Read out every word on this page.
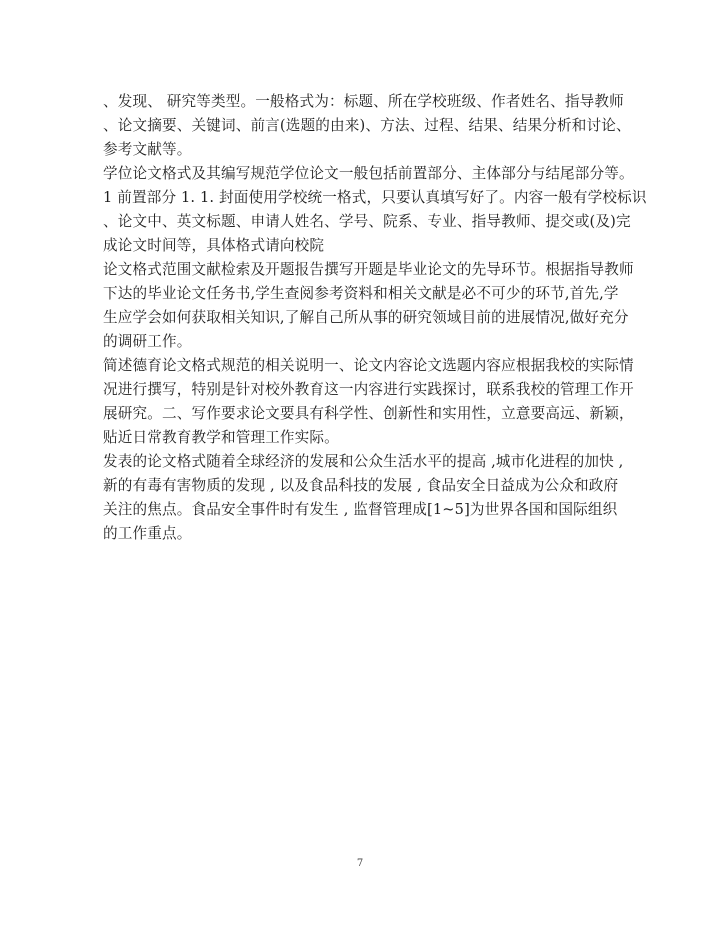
、发现、 研究等类型。一般格式为：标题、所在学校班级、作者姓名、指导教师
、论文摘要、关键词、前言(选题的由来)、方法、过程、结果、结果分析和讨论、
参考文献等。
学位论文格式及其编写规范学位论文一般包括前置部分、主体部分与结尾部分等。
1 前置部分 1. 1. 封面使用学校统一格式，只要认真填写好了。内容一般有学校标识
、论文中、英文标题、申请人姓名、学号、院系、专业、指导教师、提交或(及)完
成论文时间等，具体格式请向校院
论文格式范围文献检索及开题报告撰写开题是毕业论文的先导环节。根据指导教师
下达的毕业论文任务书,学生查阅参考资料和相关文献是必不可少的环节,首先,学
生应学会如何获取相关知识,了解自己所从事的研究领域目前的进展情况,做好充分
的调研工作。
简述德育论文格式规范的相关说明一、论文内容论文选题内容应根据我校的实际情
况进行撰写，特别是针对校外教育这一内容进行实践探讨，联系我校的管理工作开
展研究。二、写作要求论文要具有科学性、创新性和实用性，立意要高远、新颖，
贴近日常教育教学和管理工作实际。
发表的论文格式随着全球经济的发展和公众生活水平的提高 ,城市化进程的加快 ,
新的有毒有害物质的发现 , 以及食品科技的发展 , 食品安全日益成为公众和政府
关注的焦点。食品安全事件时有发生 , 监督管理成[1~5]为世界各国和国际组织
的工作重点。
7
